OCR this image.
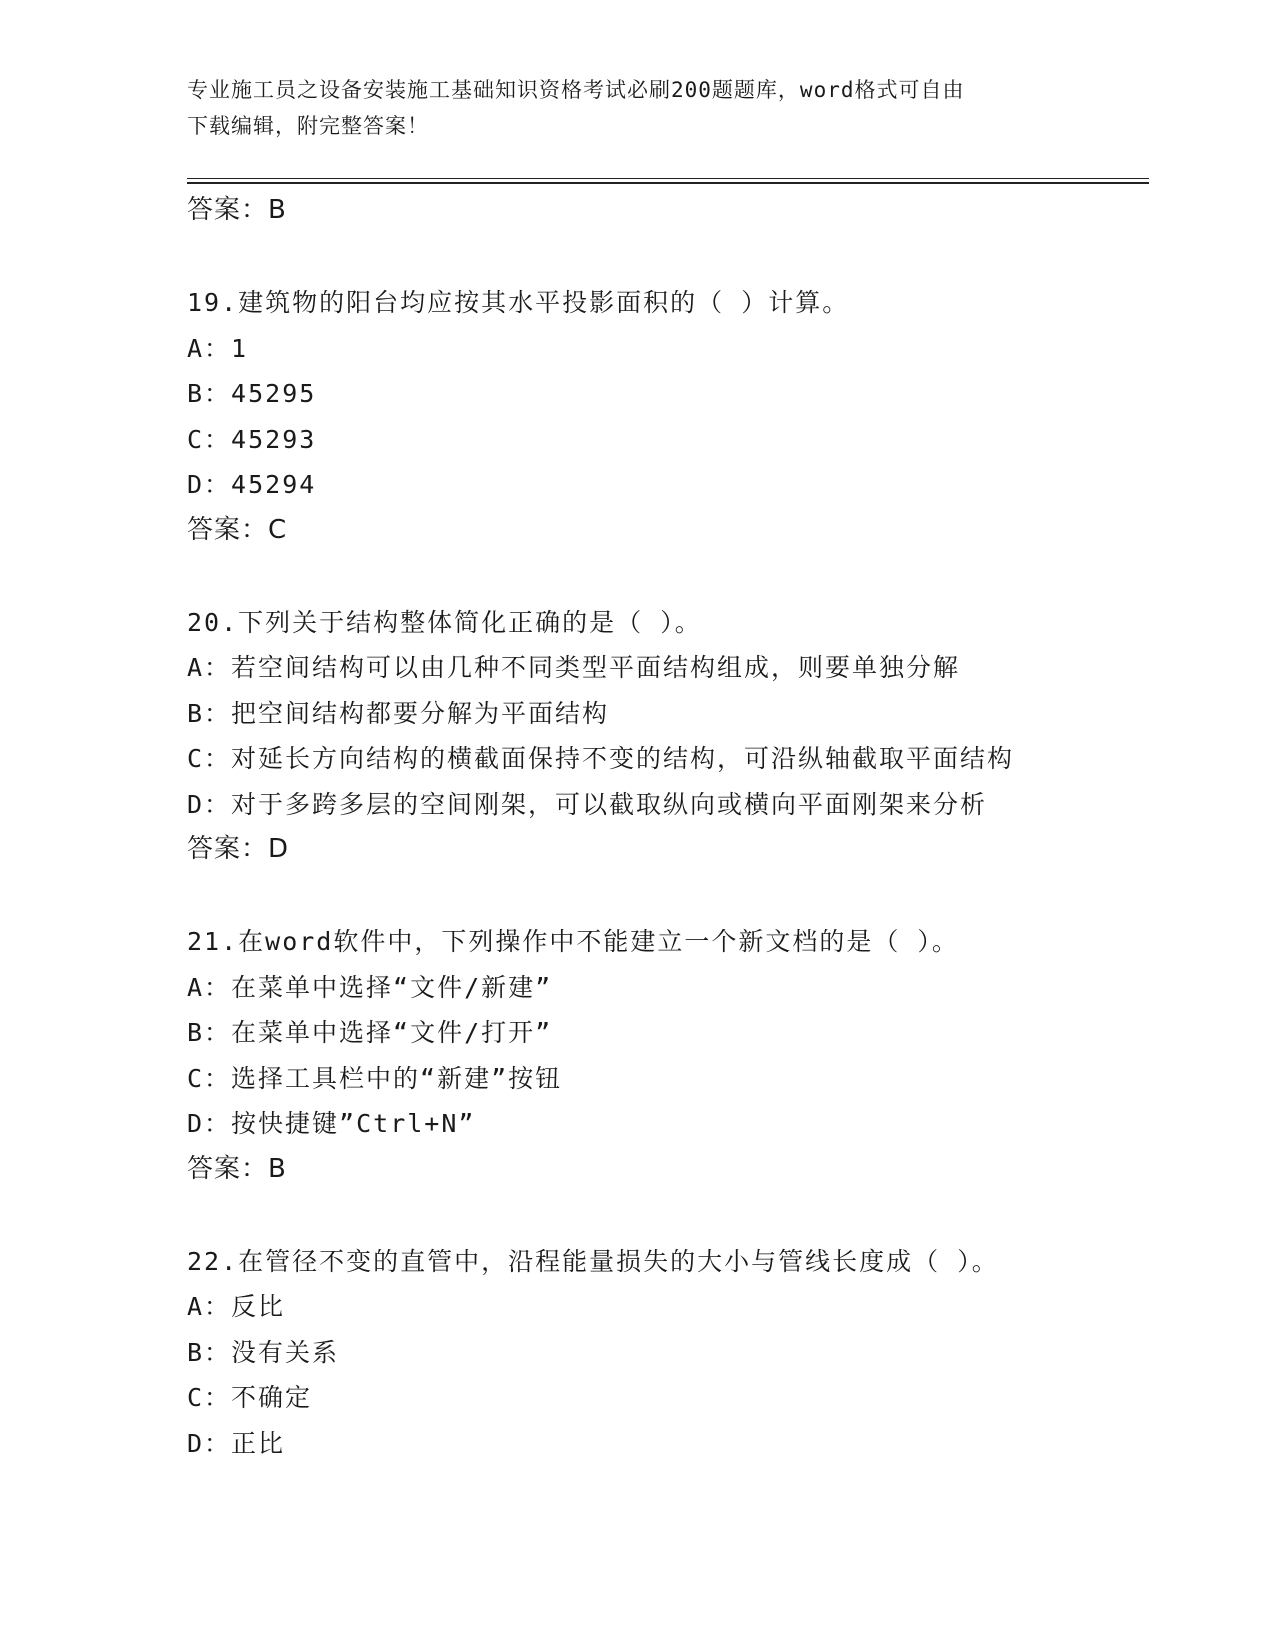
专业施工员之设备安装施工基础知识资格考试必刷200题题库，word格式可自由
下载编辑，附完整答案！
答案：B
19.建筑物的阳台均应按其水平投影面积的（ ）计算。
A：1
B：45295
C：45293
D：45294
答案：C
20.下列关于结构整体简化正确的是（ ）。
A：若空间结构可以由几种不同类型平面结构组成，则要单独分解
B：把空间结构都要分解为平面结构
C：对延长方向结构的横截面保持不变的结构，可沿纵轴截取平面结构
D：对于多跨多层的空间刚架，可以截取纵向或横向平面刚架来分析
答案：D
21.在word软件中，下列操作中不能建立一个新文档的是（ ）。
A：在菜单中选择“文件/新建”
B：在菜单中选择“文件/打开”
C：选择工具栏中的“新建”按钮
D：按快捷键”Ctrl+N”
答案：B
22.在管径不变的直管中，沿程能量损失的大小与管线长度成（ ）。
A：反比
B：没有关系
C：不确定
D：正比
